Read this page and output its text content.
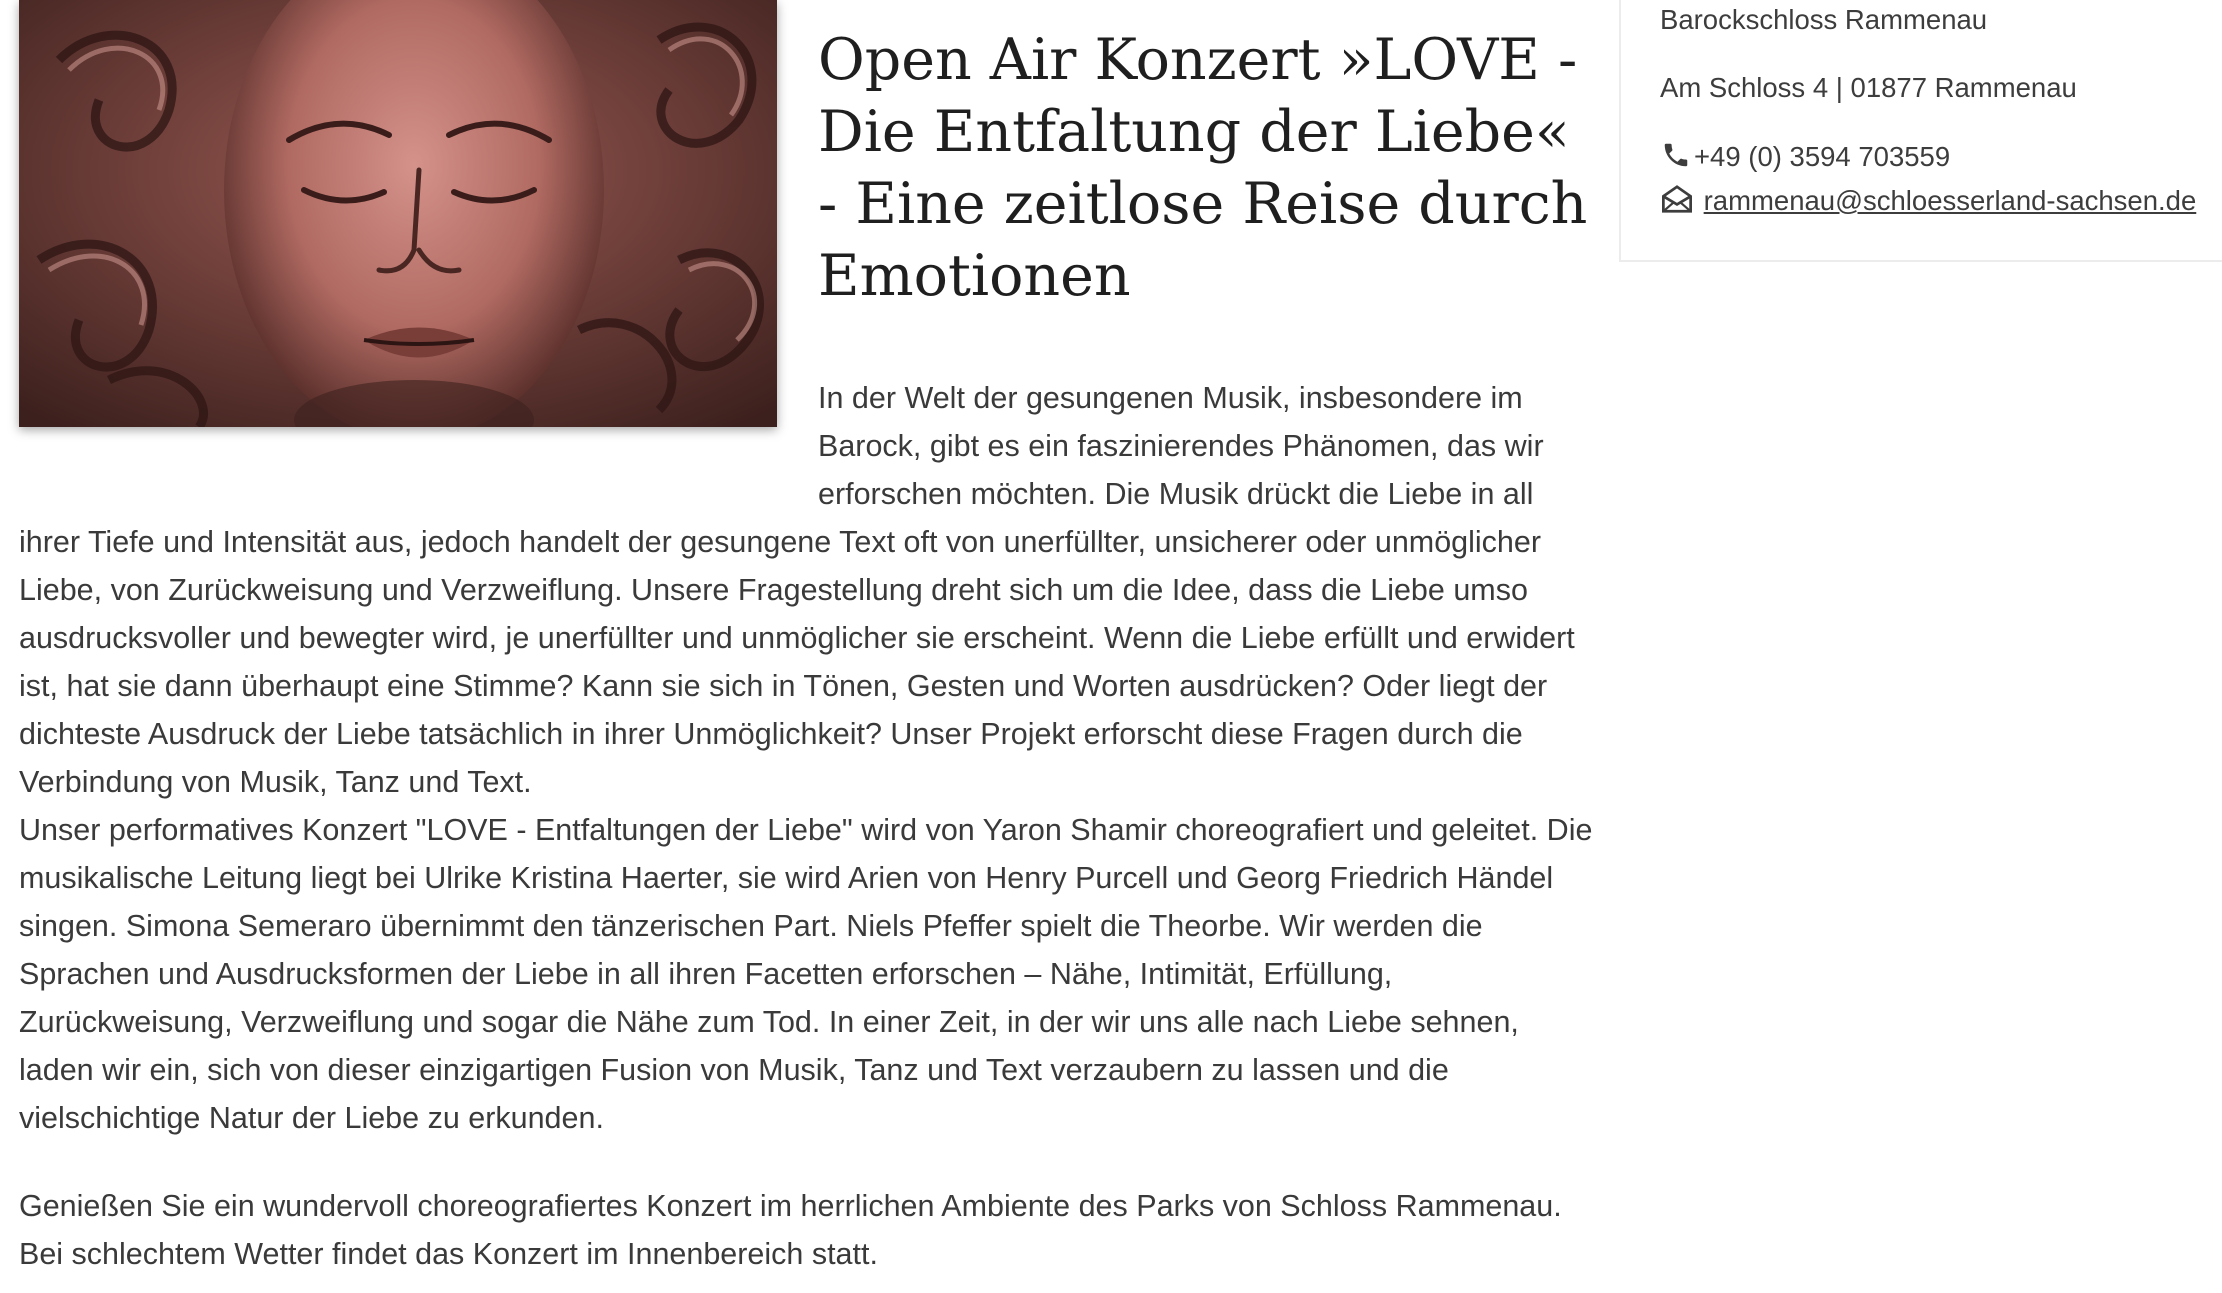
Open Air Konzert »LOVE -
Die Entfaltung der Liebe«
- Eine zeitlose Reise durch
Emotionen

In der Welt der gesungenen Musik, insbesondere im Barock, gibt es ein faszinierendes Phänomen, das wir erforschen möchten. Die Musik drückt die Liebe in all ihrer Tiefe und Intensität aus, jedoch handelt der gesungene Text oft von unerfüllter, unsicherer oder unmöglicher Liebe, von Zurückweisung und Verzweiflung. Unsere Fragestellung dreht sich um die Idee, dass die Liebe umso ausdrucksvoller und bewegter wird, je unerfüllter und unmöglicher sie erscheint. Wenn die Liebe erfüllt und erwidert ist, hat sie dann überhaupt eine Stimme? Kann sie sich in Tönen, Gesten und Worten ausdrücken? Oder liegt der dichteste Ausdruck der Liebe tatsächlich in ihrer Unmöglichkeit? Unser Projekt erforscht diese Fragen durch die Verbindung von Musik, Tanz und Text.

Unser performatives Konzert "LOVE - Entfaltungen der Liebe" wird von Yaron Shamir choreografiert und geleitet. Die musikalische Leitung liegt bei Ulrike Kristina Haerter, sie wird Arien von Henry Purcell und Georg Friedrich Händel singen. Simona Semeraro übernimmt den tänzerischen Part. Niels Pfeffer spielt die Theorbe. Wir werden die Sprachen und Ausdrucksformen der Liebe in all ihren Facetten erforschen – Nähe, Intimität, Erfüllung, Zurückweisung, Verzweiflung und sogar die Nähe zum Tod. In einer Zeit, in der wir uns alle nach Liebe sehnen, laden wir ein, sich von dieser einzigartigen Fusion von Musik, Tanz und Text verzaubern zu lassen und die vielschichtige Natur der Liebe zu erkunden.

Genießen Sie ein wundervoll choreografiertes Konzert im herrlichen Ambiente des Parks von Schloss Rammenau. Bei schlechtem Wetter findet das Konzert im Innenbereich statt.

Barockschloss Rammenau
Am Schloss 4 | 01877 Rammenau
+49 (0) 3594 703559
rammenau@schloesserland-sachsen.de
